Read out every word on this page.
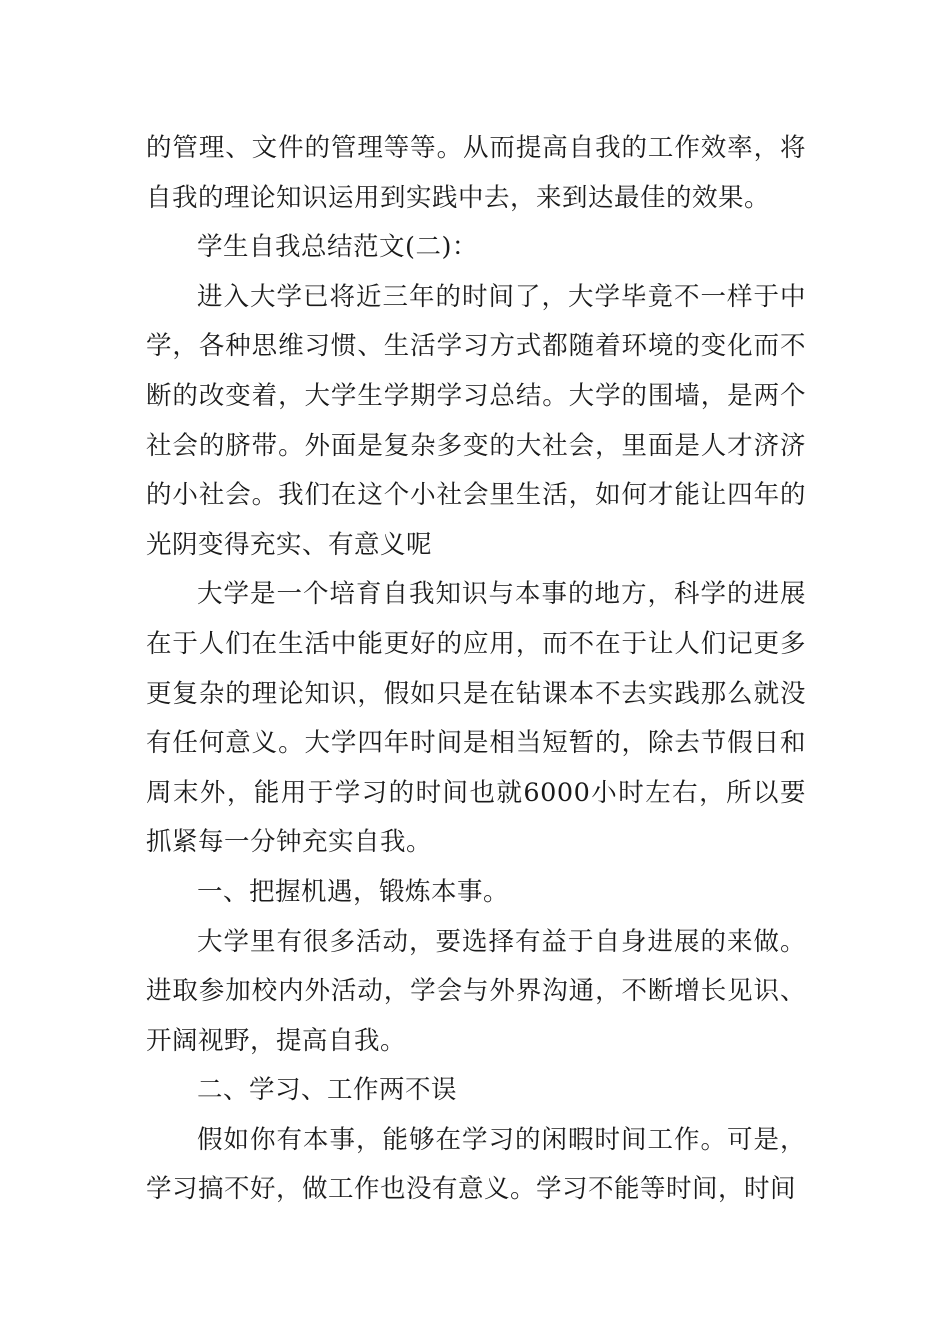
的管理、文件的管理等等。从而提高自我的工作效率，将自我的理论知识运用到实践中去，来到达最佳的效果。

学生自我总结范文(二)：

进入大学已将近三年的时间了，大学毕竟不一样于中学，各种思维习惯、生活学习方式都随着环境的变化而不断的改变着，大学生学期学习总结。大学的围墙，是两个社会的脐带。外面是复杂多变的大社会，里面是人才济济的小社会。我们在这个小社会里生活，如何才能让四年的光阴变得充实、有意义呢

大学是一个培育自我知识与本事的地方，科学的进展在于人们在生活中能更好的应用，而不在于让人们记更多更复杂的理论知识，假如只是在钻课本不去实践那么就没有任何意义。大学四年时间是相当短暂的，除去节假日和周末外，能用于学习的时间也就6000小时左右，所以要抓紧每一分钟充实自我。

一、把握机遇，锻炼本事。

大学里有很多活动，要选择有益于自身进展的来做。进取参加校内外活动，学会与外界沟通，不断增长见识、开阔视野，提高自我。

二、学习、工作两不误

假如你有本事，能够在学习的闲暇时间工作。可是，学习搞不好，做工作也没有意义。学习不能等时间，时间
